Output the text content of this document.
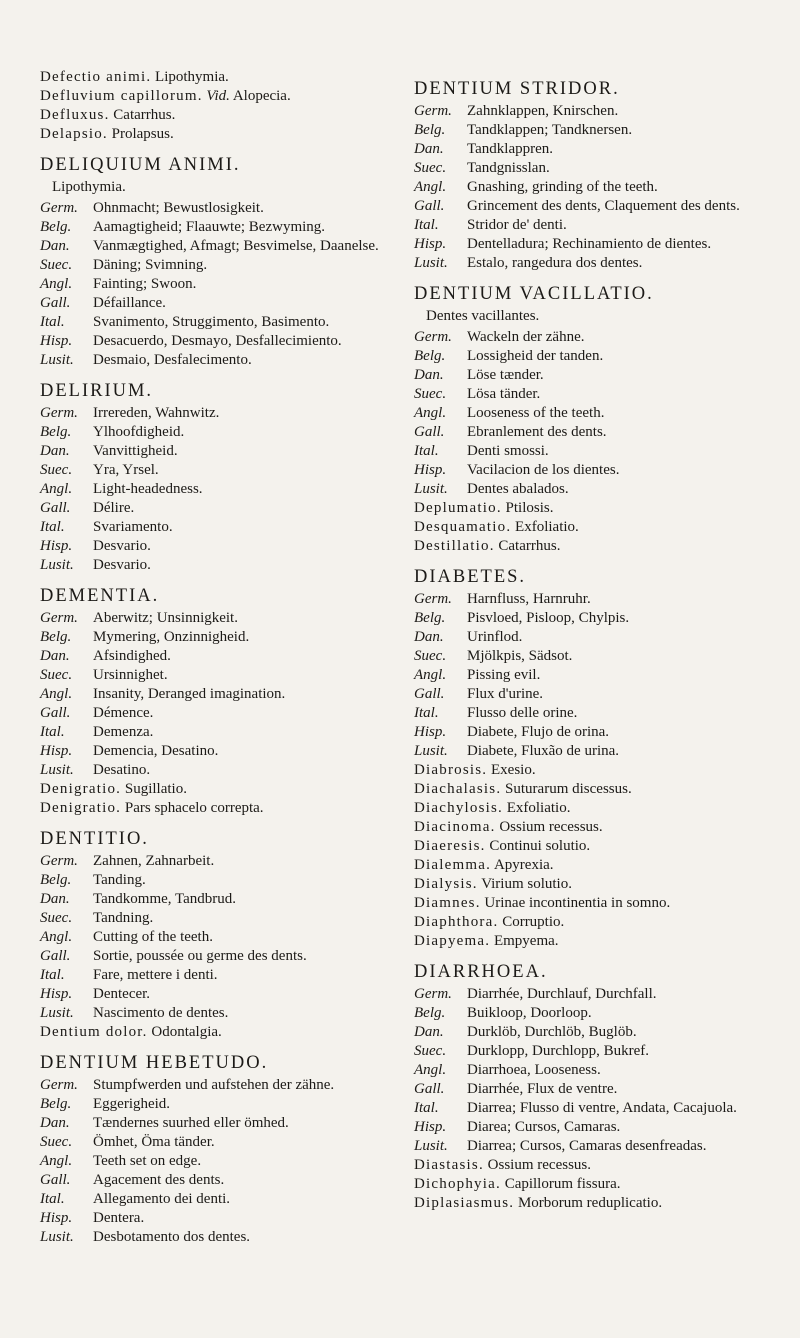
Defectio animi. Lipothymia.

Defluvium capillorum. Vid. Alopecia.

Defluxus. Catarrhus.

Delapsio. Prolapsus.

DELIQUIUM ANIMI.
Lipothymia.
Germ.	Ohnmacht; Bewustlosigkeit.
Belg.	Aamagtigheid; Flaauwte; Bezwyming.
Dan.	Vanmægtighed, Afmagt; Besvimelse, Daanelse.
Suec.	Däning; Svimning.
Angl.	Fainting; Swoon.
Gall.	Défaillance.
Ital.	Svanimento, Struggimento, Basimento.
Hisp.	Desacuerdo, Desmayo, Desfallecimiento.
Lusit.	Desmaio, Desfalecimento.
DELIRIUM.
Germ.	Irrereden, Wahnwitz.
Belg.	Ylhoofdigheid.
Dan.	Vanvittigheid.
Suec.	Yra, Yrsel.
Angl.	Light-headedness.
Gall.	Délire.
Ital.	Svariamento.
Hisp.	Desvario.
Lusit.	Desvario.
DEMENTIA.
Germ.	Aberwitz; Unsinnigkeit.
Belg.	Mymering, Onzinnigheid.
Dan.	Afsindighed.
Suec.	Ursinnighet.
Angl.	Insanity, Deranged imagination.
Gall.	Démence.
Ital.	Demenza.
Hisp.	Demencia, Desatino.
Lusit.	Desatino.

Denigratio. Sugillatio.

Denigratio. Pars sphacelo correpta.

DENTITIO.
Germ.	Zahnen, Zahnarbeit.
Belg.	Tanding.
Dan.	Tandkomme, Tandbrud.
Suec.	Tandning.
Angl.	Cutting of the teeth.
Gall.	Sortie, poussée ou germe des dents.
Ital.	Fare, mettere i denti.
Hisp.	Dentecer.
Lusit.	Nascimento de dentes.

Dentium dolor. Odontalgia.

DENTIUM HEBETUDO.
Germ.	Stumpfwerden und aufstehen der zähne.
Belg.	Eggerigheid.
Dan.	Tændernes suurhed eller ömhed.
Suec.	Ömhet, Öma tänder.
Angl.	Teeth set on edge.
Gall.	Agacement des dents.
Ital.	Allegamento dei denti.
Hisp.	Dentera.
Lusit.	Desbotamento dos dentes.
DENTIUM STRIDOR.
Germ.	Zahnklappen, Knirschen.
Belg.	Tandklappen; Tandknersen.
Dan.	Tandklappren.
Suec.	Tandgnisslan.
Angl.	Gnashing, grinding of the teeth.
Gall.	Grincement des dents, Claquement des dents.
Ital.	Stridor de' denti.
Hisp.	Dentelladura; Rechinamiento de dientes.
Lusit.	Estalo, rangedura dos dentes.
DENTIUM VACILLATIO.
Dentes vacillantes.
Germ.	Wackeln der zähne.
Belg.	Lossigheid der tanden.
Dan.	Löse tænder.
Suec.	Lösa tänder.
Angl.	Looseness of the teeth.
Gall.	Ebranlement des dents.
Ital.	Denti smossi.
Hisp.	Vacilacion de los dientes.
Lusit.	Dentes abalados.

Deplumatio. Ptilosis.

Desquamatio. Exfoliatio.

Destillatio. Catarrhus.

DIABETES.
Germ.	Harnfluss, Harnruhr.
Belg.	Pisvloed, Pisloop, Chylpis.
Dan.	Urinflod.
Suec.	Mjölkpis, Sädsot.
Angl.	Pissing evil.
Gall.	Flux d'urine.
Ital.	Flusso delle orine.
Hisp.	Diabete, Flujo de orina.
Lusit.	Diabete, Fluxão de urina.

Diabrosis. Exesio.

Diachalasis. Suturarum discessus.

Diachylosis. Exfoliatio.

Diacinoma. Ossium recessus.

Diaeresis. Continui solutio.

Dialemma. Apyrexia.

Dialysis. Virium solutio.

Diamnes. Urinae incontinentia in somno.

Diaphthora. Corruptio.

Diapyema. Empyema.

DIARRHOEA.
Germ.	Diarrhée, Durchlauf, Durchfall.
Belg.	Buikloop, Doorloop.
Dan.	Durklöb, Durchlöb, Buglöb.
Suec.	Durklopp, Durchlopp, Bukref.
Angl.	Diarrhoea, Looseness.
Gall.	Diarrhée, Flux de ventre.
Ital.	Diarrea; Flusso di ventre, Andata, Cacajuola.
Hisp.	Diarea; Cursos, Camaras.
Lusit.	Diarrea; Cursos, Camaras desenfreadas.

Diastasis. Ossium recessus.

Dichophyia. Capillorum fissura.

Diplasiasmus. Morborum reduplicatio.
